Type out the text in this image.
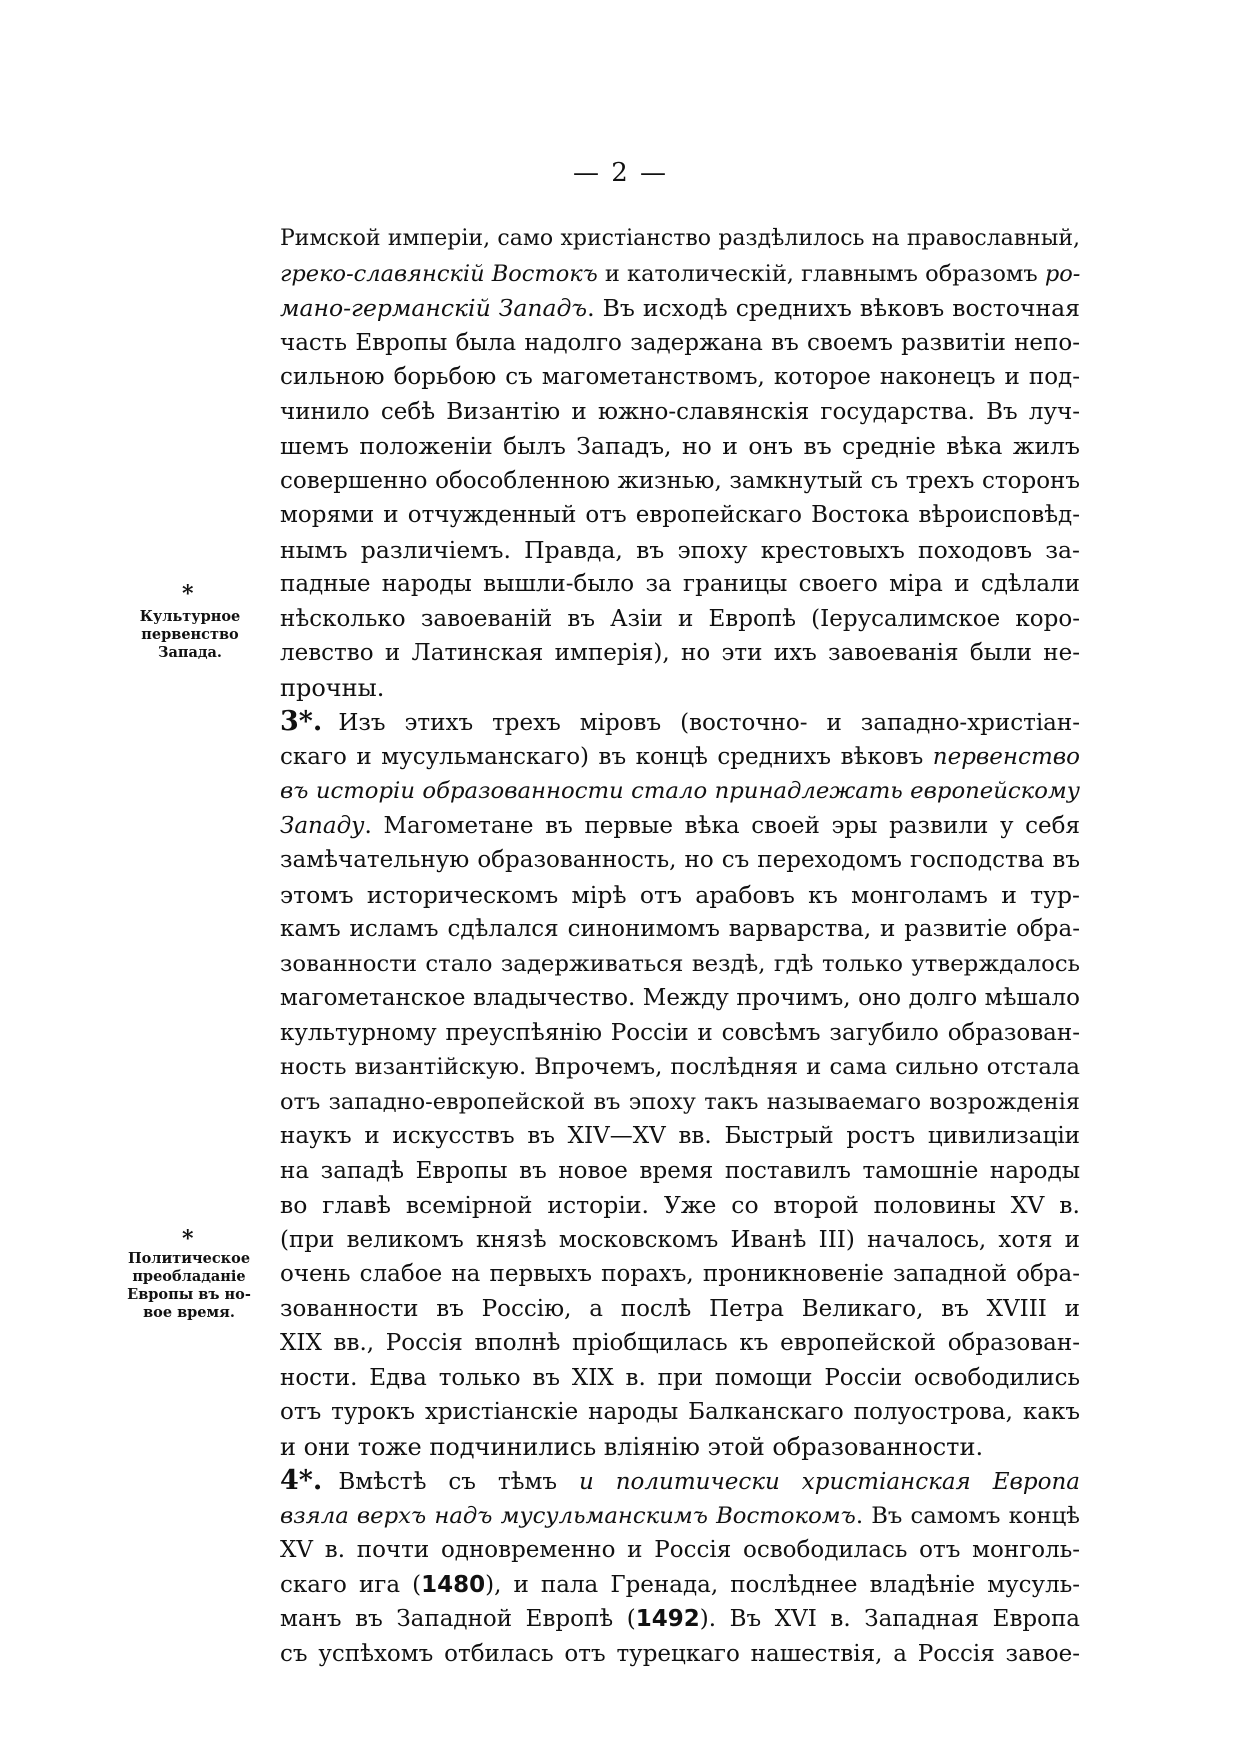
— 2 —
*
Культурное
первенство
Запада.
*
Политическое
преобладаніе
Европы въ но-
вое время.
Римской имперіи, само христіанство раздѣлилось на православный,
греко-славянскій Востокъ и католическій, главнымъ образомъ ро-
мано-германскій Западъ. Въ исходѣ среднихъ вѣковъ восточная
часть Европы была надолго задержана въ своемъ развитіи непо-
сильною борьбою съ магометанствомъ, которое наконецъ и под-
чинило себѣ Византію и южно-славянскія государства. Въ луч-
шемъ положеніи былъ Западъ, но и онъ въ средніе вѣка жилъ
совершенно обособленною жизнью, замкнутый съ трехъ сторонъ
морями и отчужденный отъ европейскаго Востока вѣроисповѣд-
нымъ различіемъ. Правда, въ эпоху крестовыхъ походовъ за-
падные народы вышли-было за границы своего міра и сдѣлали
нѣсколько завоеваній въ Азіи и Европѣ (Іерусалимское коро-
левство и Латинская имперія), но эти ихъ завоеванія были не-
прочны.
3*. Изъ этихъ трехъ міровъ (восточно- и западно-христіан-
скаго и мусульманскаго) въ концѣ среднихъ вѣковъ первенство
въ исторіи образованности стало принадлежать европейскому
Западу. Магометане въ первые вѣка своей эры развили у себя
замѣчательную образованность, но съ переходомъ господства въ
этомъ историческомъ мірѣ отъ арабовъ къ монголамъ и тур-
камъ исламъ сдѣлался синонимомъ варварства, и развитіе обра-
зованности стало задерживаться вездѣ, гдѣ только утверждалось
магометанское владычество. Между прочимъ, оно долго мѣшало
культурному преуспѣянію Россіи и совсѣмъ загубило образован-
ность византійскую. Впрочемъ, послѣдняя и сама сильно отстала
отъ западно-европейской въ эпоху такъ называемаго возрожденія
наукъ и искусствъ въ XIV—XV вв. Быстрый ростъ цивилизаціи
на западѣ Европы въ новое время поставилъ тамошніе народы
во главѣ всемірной исторіи. Уже со второй половины XV в.
(при великомъ князѣ московскомъ Иванѣ III) началось, хотя и
очень слабое на первыхъ порахъ, проникновеніе западной обра-
зованности въ Россію, а послѣ Петра Великаго, въ XVIII и
XIX вв., Россія вполнѣ пріобщилась къ европейской образован-
ности. Едва только въ XIX в. при помощи Россіи освободились
отъ турокъ христіанскіе народы Балканскаго полуострова, какъ
и они тоже подчинились вліянію этой образованности.
4*. Вмѣстѣ съ тѣмъ и политически христіанская Европа
взяла верхъ надъ мусульманскимъ Востокомъ. Въ самомъ концѣ
XV в. почти одновременно и Россія освободилась отъ монголь-
скаго ига (1480), и пала Гренада, послѣднее владѣніе мусуль-
манъ въ Западной Европѣ (1492). Въ XVI в. Западная Европа
съ успѣхомъ отбилась отъ турецкаго нашествія, а Россія завое-
